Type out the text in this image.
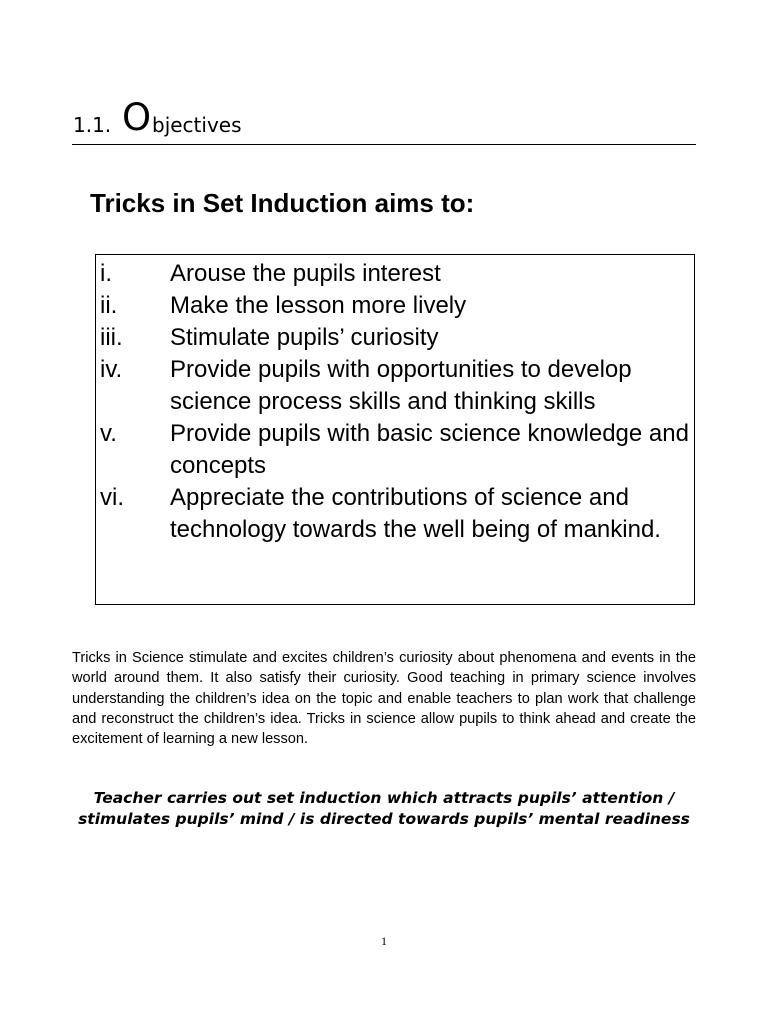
1.1. O bjectives
Tricks in Set Induction aims to:
i.	Arouse the pupils interest
ii.	Make the lesson more lively
iii.	Stimulate pupils’ curiosity
iv.	Provide pupils with opportunities to develop science process skills and thinking skills
v.	Provide pupils with basic science knowledge and concepts
vi.	Appreciate the contributions of science and technology towards the well being of mankind.

Tricks in Science stimulate and excites children’s curiosity about phenomena and events in the world around them. It also satisfy their curiosity. Good teaching in primary science involves understanding the children’s idea on the topic and enable teachers to plan work that challenge and reconstruct the children’s idea. Tricks in science allow pupils to think ahead and create the excitement of learning a new lesson.

Teacher carries out set induction which attracts pupils’ attention / stimulates pupils’ mind / is directed towards pupils’ mental readiness

1
